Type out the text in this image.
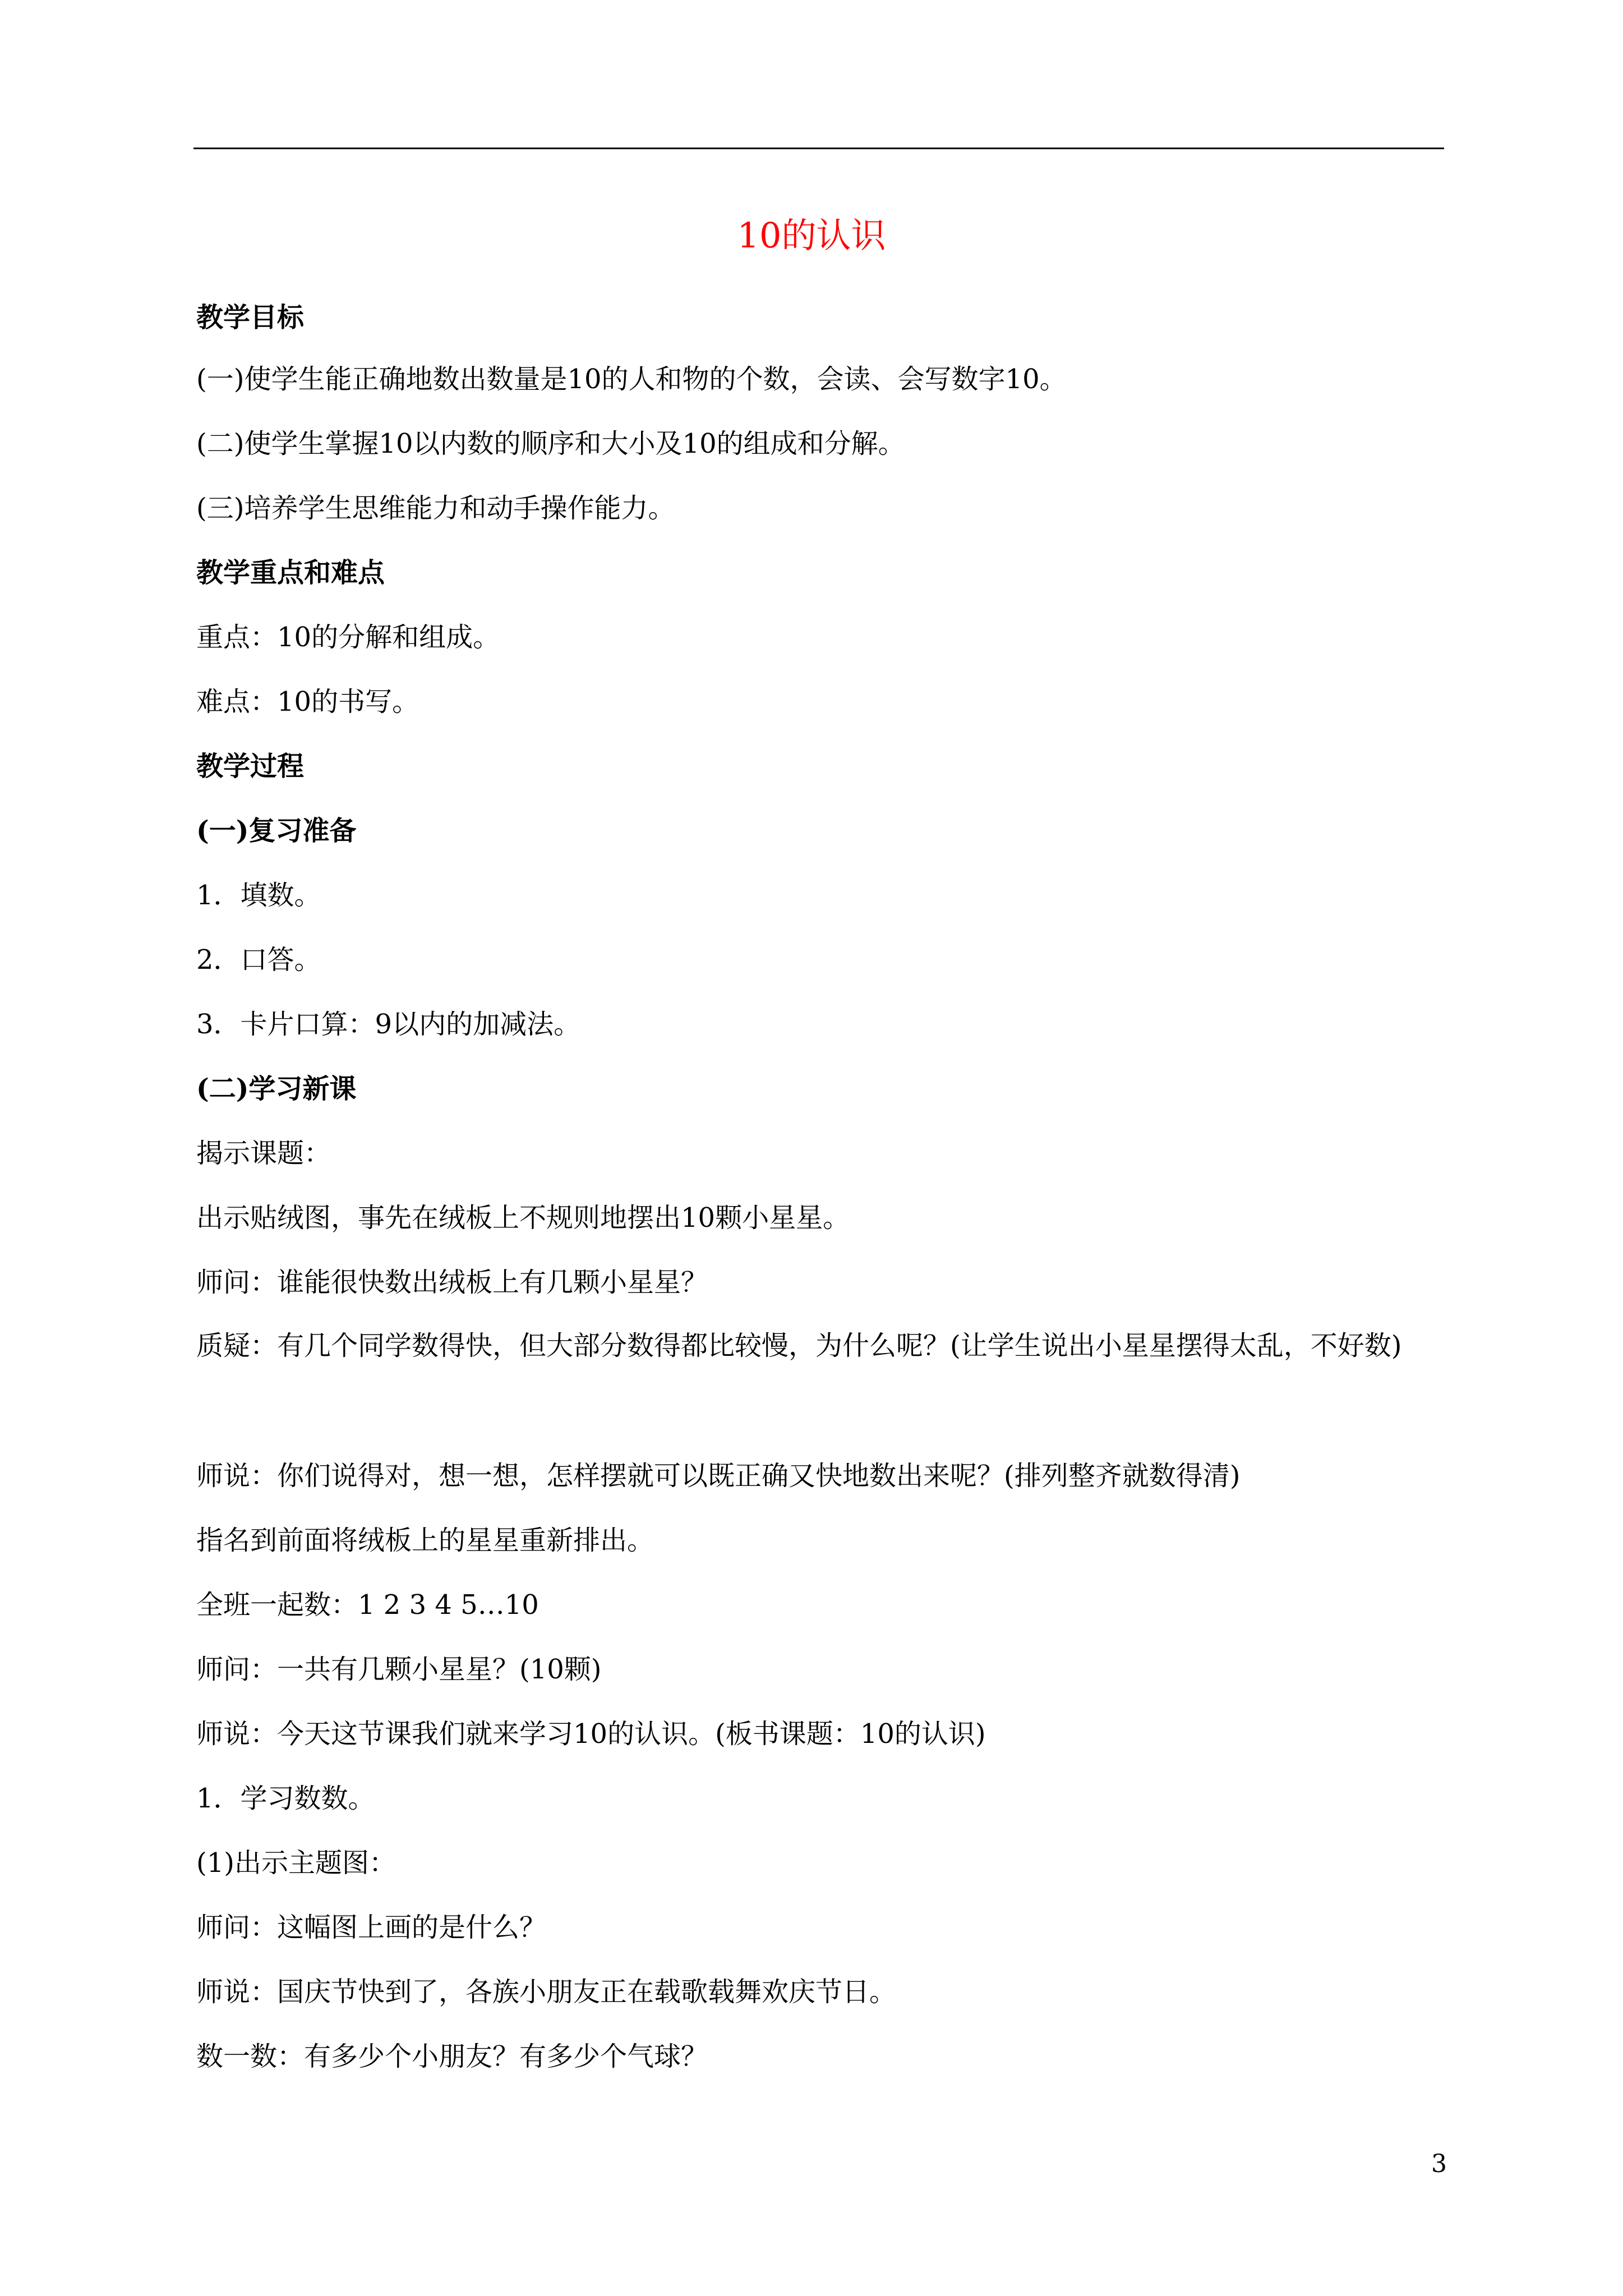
10的认识
教学目标
(一)使学生能正确地数出数量是10的人和物的个数，会读、会写数字10。
(二)使学生掌握10以内数的顺序和大小及10的组成和分解。
(三)培养学生思维能力和动手操作能力。
教学重点和难点
重点：10的分解和组成。
难点：10的书写。
教学过程
(一)复习准备
1．填数。
2．口答。
3．卡片口算：9以内的加减法。
(二)学习新课
揭示课题：
出示贴绒图，事先在绒板上不规则地摆出10颗小星星。
师问：谁能很快数出绒板上有几颗小星星？
质疑：有几个同学数得快，但大部分数得都比较慢，为什么呢？(让学生说出小星星摆得太乱，不好数)
师说：你们说得对，想一想，怎样摆就可以既正确又快地数出来呢？(排列整齐就数得清)
指名到前面将绒板上的星星重新排出。
全班一起数：1 2 3 4 5…10
师问：一共有几颗小星星？(10颗)
师说：今天这节课我们就来学习10的认识。(板书课题：10的认识)
1．学习数数。
(1)出示主题图：
师问：这幅图上画的是什么？
师说：国庆节快到了，各族小朋友正在载歌载舞欢庆节日。
数一数：有多少个小朋友？有多少个气球？
3
